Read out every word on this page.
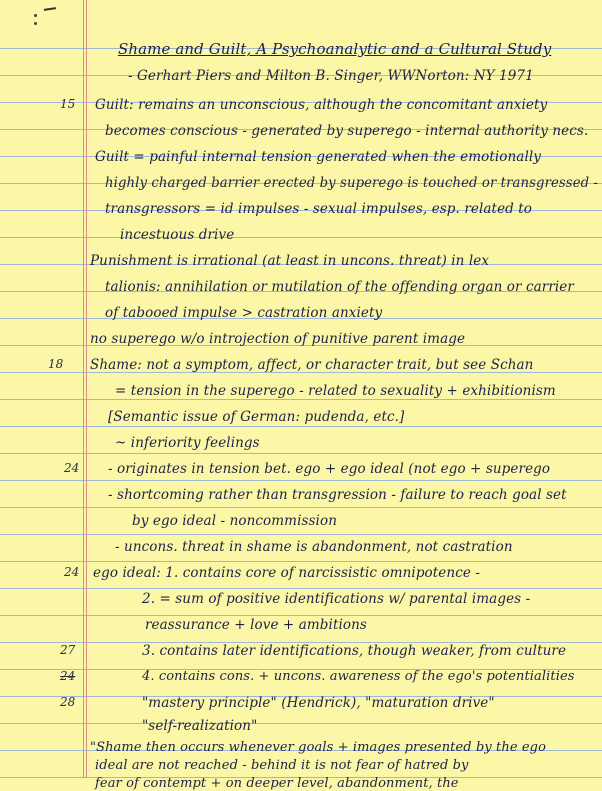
Shame and Guilt, A Psychoanalytic and a Cultural Study
- Gerhart Piers and Milton B. Singer, WWNorton: NY 1971
15 Guilt: remains an unconscious, although the concomitant anxiety
becomes conscious - generated by superego - internal authority necs.
Guilt = painful internal tension generated when the emotionally
highly charged barrier erected by superego is touched or transgressed -
transgressors = id impulses - sexual impulses, esp. related to
incestuous drive
Punishment is irrational (at least in uncons. threat) in lex
talionis: annihilation or mutilation of the offending organ or carrier
of tabooed impulse > castration anxiety
no superego w/o introjection of punitive parent image
18 Shame: not a symptom, affect, or character trait, but see Schan
= tension in the superego - related to sexuality + exhibitionism
[Semantic issue of German: pudenda, etc.]
~ inferiority feelings
24 - originates in tension bet. ego + ego ideal (not ego + superego
- shortcoming rather than transgression - failure to reach goal set
by ego ideal - noncommission
- uncons. threat in shame is abandonment, not castration
24 ego ideal: 1. contains core of narcissistic omnipotence -
2. = sum of positive identifications w/ parental images -
reassurance + love + ambitions
27	3. contains later identifications, though weaker, from culture
24	4. contains cons. + uncons. awareness of the ego's potentialities
28	"mastery principle" (Hendrick), "maturation drive"
"self-realization"
"Shame then occurs whenever goals + images presented by the ego
ideal are not reached - behind it is not fear of hatred by
fear of contempt + on deeper level, abandonment, the
